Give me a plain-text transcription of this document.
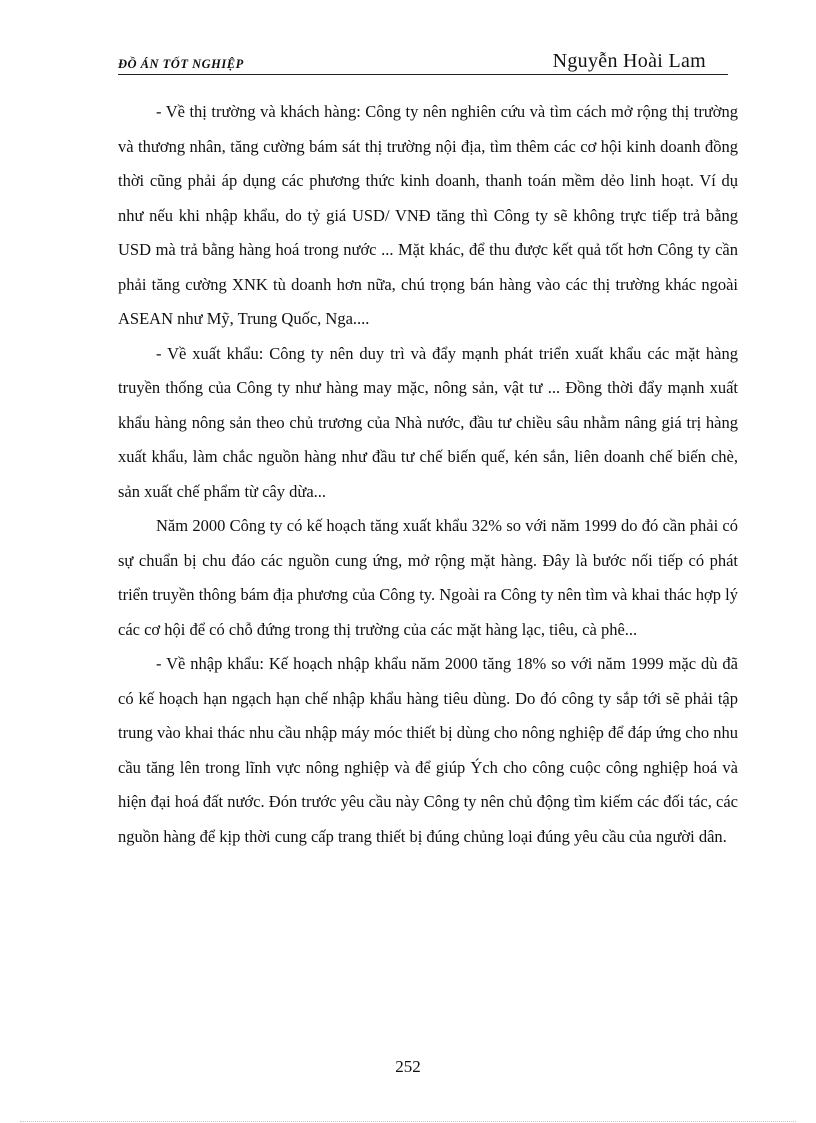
ĐỒ ÁN TỐT NGHIỆP	Nguyễn Hoài Lam

- Về thị trường và khách hàng: Công ty nên nghiên cứu và tìm cách mở rộng thị trường và thương nhân, tăng cường bám sát thị trường nội địa, tìm thêm các cơ hội kinh doanh đồng thời cũng phải áp dụng các phương thức kinh doanh, thanh toán mềm dẻo linh hoạt. Ví dụ như nếu khi nhập khẩu, do tỷ giá USD/ VNĐ tăng thì Công ty sẽ không trực tiếp trả bằng USD mà trả bằng hàng hoá trong nước ... Mặt khác, để thu được kết quả tốt hơn Công ty cần phải tăng cường XNK tù doanh hơn nữa, chú trọng bán hàng vào các thị trường khác ngoài ASEAN như Mỹ, Trung Quốc, Nga....

- Về xuất khẩu: Công ty nên duy trì và đẩy mạnh phát triển xuất khẩu các mặt hàng truyền thống của Công ty như hàng may mặc, nông sản, vật tư ... Đồng thời đẩy mạnh xuất khẩu hàng nông sản theo chủ trương của Nhà nước, đầu tư chiều sâu nhằm nâng giá trị hàng xuất khẩu, làm chắc nguồn hàng như đầu tư chế biến quế, kén sắn, liên doanh chế biến chè, sản xuất chế phẩm từ cây dừa...

Năm 2000 Công ty có kế hoạch tăng xuất khẩu 32% so với năm 1999 do đó cần phải có sự chuẩn bị chu đáo các nguồn cung ứng, mở rộng mặt hàng. Đây là bước nối tiếp có phát triển truyền thông bám địa phương của Công ty. Ngoài ra Công ty nên tìm và khai thác hợp lý các cơ hội để có chỗ đứng trong thị trường của các mặt hàng lạc, tiêu, cà phê...

- Về nhập khẩu: Kế hoạch nhập khẩu năm 2000 tăng 18% so với năm 1999 mặc dù đã có kế hoạch hạn ngạch hạn chế nhập khẩu hàng tiêu dùng. Do đó công ty sắp tới sẽ phải tập trung vào khai thác nhu cầu nhập máy móc thiết bị dùng cho nông nghiệp để đáp ứng cho nhu cầu tăng lên trong lĩnh vực nông nghiệp và để giúp Ých cho công cuộc công nghiệp hoá và hiện đại hoá đất nước. Đón trước yêu cầu này Công ty nên chủ động tìm kiếm các đối tác, các nguồn hàng để kịp thời cung cấp trang thiết bị đúng chủng loại đúng yêu cầu của người dân.

252
